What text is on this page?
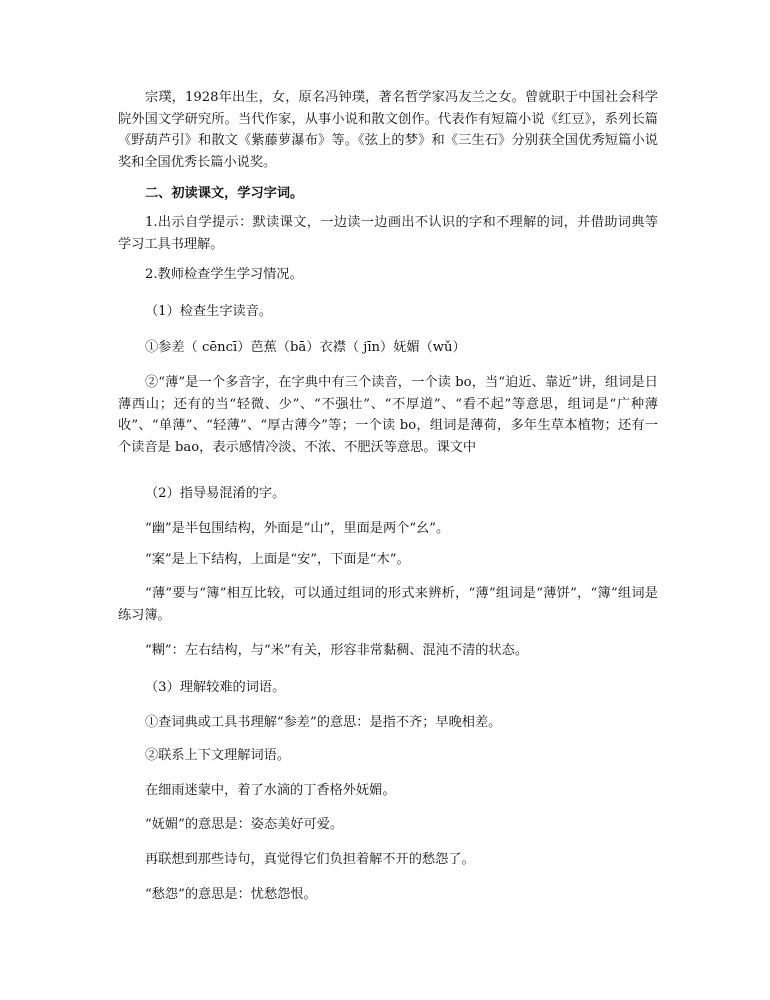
宗璞，1928年出生，女，原名冯钟璞，著名哲学家冯友兰之女。曾就职于中国社会科学院外国文学研究所。当代作家，从事小说和散文创作。代表作有短篇小说《红豆》，系列长篇《野葫芦引》和散文《紫藤萝瀑布》等。《弦上的梦》和《三生石》分别获全国优秀短篇小说奖和全国优秀长篇小说奖。

二、初读课文，学习字词。

1.出示自学提示：默读课文，一边读一边画出不认识的字和不理解的词，并借助词典等学习工具书理解。

2.教师检查学生学习情况。

（1）检查生字读音。

①参差（ cēncī）芭蕉（bā）衣襟（ jīn）妩媚（wǔ）

②“薄”是一个多音字，在字典中有三个读音，一个读 bo，当“迫近、靠近”讲，组词是日薄西山；还有的当“轻微、少”、“不强壮”、“不厚道”、“看不起”等意思，组词是“广种薄收”、“单薄”、“轻薄”、“厚古薄今”等；一个读 bo，组词是薄荷，多年生草本植物；还有一个读音是 bao，表示感情冷淡、不浓、不肥沃等意思。课文中

（2）指导易混淆的字。

“幽”是半包围结构，外面是“山”，里面是两个“幺”。

“案”是上下结构，上面是“安”，下面是“木”。

“薄”要与“簿”相互比较，可以通过组词的形式来辨析，“薄”组词是“薄饼”，“簿”组词是练习簿。

“糊”：左右结构，与“米”有关，形容非常黏稠、混沌不清的状态。

（3）理解较难的词语。

①查词典或工具书理解“参差”的意思：是指不齐；早晚相差。

②联系上下文理解词语。

在细雨迷蒙中，着了水滴的丁香格外妩媚。

“妩媚”的意思是：姿态美好可爱。

再联想到那些诗句，真觉得它们负担着解不开的愁怨了。

“愁怨”的意思是：忧愁怨恨。
